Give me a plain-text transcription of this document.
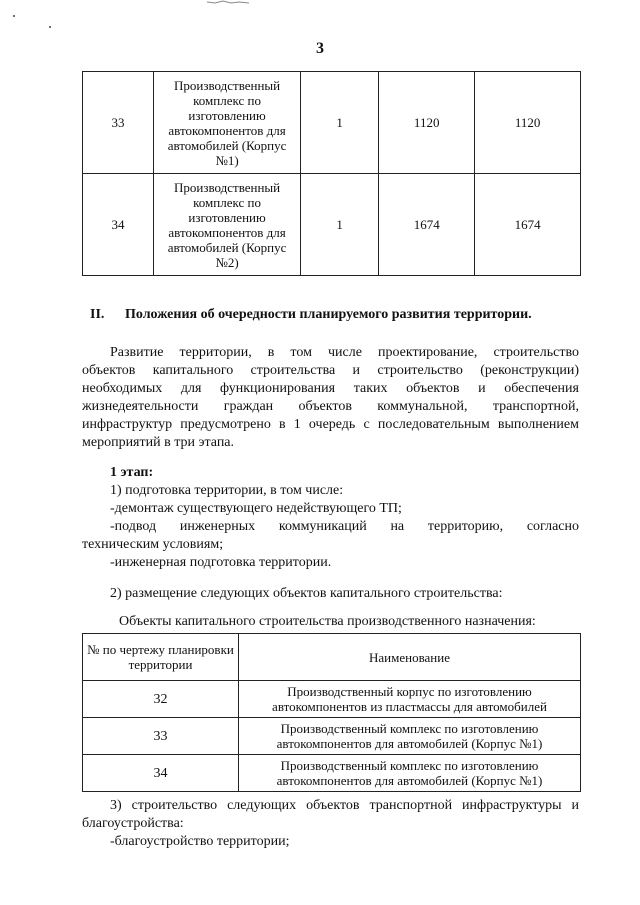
3
33	Производственный комплекс по изготовлению автокомпонентов для автомобилей (Корпус №1)	1	1120	1120
34	Производственный комплекс по изготовлению автокомпонентов для автомобилей (Корпус №2)	1	1674	1674
II. Положения об очередности планируемого развития территории.
Развитие территории, в том числе проектирование, строительство
объектов капитального строительства и строительство (реконструкции)
необходимых для функционирования таких объектов и обеспечения
жизнедеятельности граждан объектов коммунальной, транспортной,
инфраструктур предусмотрено в 1 очередь с последовательным выполнением
мероприятий в три этапа.
1 этап:
1) подготовка территории, в том числе:
-демонтаж существующего недействующего ТП;
-подвод инженерных коммуникаций на территорию, согласно
техническим условиям;
-инженерная подготовка территории.
2) размещение следующих объектов капитального строительства:
Объекты капитального строительства производственного назначения:
№ по чертежу планировки территории	Наименование
32	Производственный корпус по изготовлению автокомпонентов из пластмассы для автомобилей
33	Производственный комплекс по изготовлению автокомпонентов для автомобилей (Корпус №1)
34	Производственный комплекс по изготовлению автокомпонентов для автомобилей (Корпус №1)
3) строительство следующих объектов транспортной инфраструктуры и
благоустройства:
-благоустройство территории;
